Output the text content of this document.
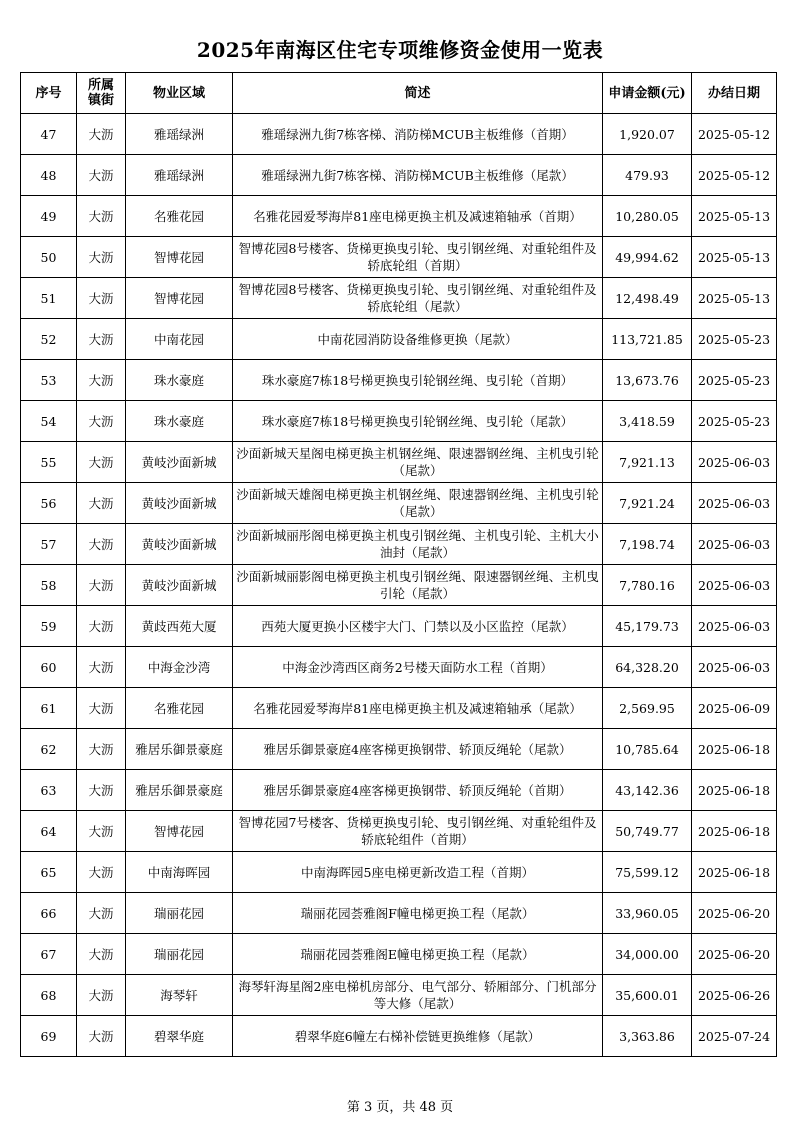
2025年南海区住宅专项维修资金使用一览表
序号	所属镇街	物业区域	简述	申请金额(元)	办结日期
47	大沥	雅瑶绿洲	雅瑶绿洲九街7栋客梯、消防梯MCUB主板维修（首期）	1,920.07	2025-05-12
48	大沥	雅瑶绿洲	雅瑶绿洲九街7栋客梯、消防梯MCUB主板维修（尾款）	479.93	2025-05-12
49	大沥	名雅花园	名雅花园爱琴海岸81座电梯更换主机及减速箱轴承（首期）	10,280.05	2025-05-13
50	大沥	智博花园	智博花园8号楼客、货梯更换曳引轮、曳引钢丝绳、对重轮组件及轿底轮组（首期）	49,994.62	2025-05-13
51	大沥	智博花园	智博花园8号楼客、货梯更换曳引轮、曳引钢丝绳、对重轮组件及轿底轮组（尾款）	12,498.49	2025-05-13
52	大沥	中南花园	中南花园消防设备维修更换（尾款）	113,721.85	2025-05-23
53	大沥	珠水豪庭	珠水豪庭7栋18号梯更换曳引轮钢丝绳、曳引轮（首期）	13,673.76	2025-05-23
54	大沥	珠水豪庭	珠水豪庭7栋18号梯更换曳引轮钢丝绳、曳引轮（尾款）	3,418.59	2025-05-23
55	大沥	黄岐沙面新城	沙面新城天星阁电梯更换主机钢丝绳、限速器钢丝绳、主机曳引轮（尾款）	7,921.13	2025-06-03
56	大沥	黄岐沙面新城	沙面新城天雄阁电梯更换主机钢丝绳、限速器钢丝绳、主机曳引轮（尾款）	7,921.24	2025-06-03
57	大沥	黄岐沙面新城	沙面新城丽彤阁电梯更换主机曳引钢丝绳、主机曳引轮、主机大小油封（尾款）	7,198.74	2025-06-03
58	大沥	黄岐沙面新城	沙面新城丽影阁电梯更换主机曳引钢丝绳、限速器钢丝绳、主机曳引轮（尾款）	7,780.16	2025-06-03
59	大沥	黄歧西苑大厦	西苑大厦更换小区楼宇大门、门禁以及小区监控（尾款）	45,179.73	2025-06-03
60	大沥	中海金沙湾	中海金沙湾西区商务2号楼天面防水工程（首期）	64,328.20	2025-06-03
61	大沥	名雅花园	名雅花园爱琴海岸81座电梯更换主机及减速箱轴承（尾款）	2,569.95	2025-06-09
62	大沥	雅居乐御景豪庭	雅居乐御景豪庭4座客梯更换钢带、轿顶反绳轮（尾款）	10,785.64	2025-06-18
63	大沥	雅居乐御景豪庭	雅居乐御景豪庭4座客梯更换钢带、轿顶反绳轮（首期）	43,142.36	2025-06-18
64	大沥	智博花园	智博花园7号楼客、货梯更换曳引轮、曳引钢丝绳、对重轮组件及轿底轮组件（首期）	50,749.77	2025-06-18
65	大沥	中南海晖园	中南海晖园5座电梯更新改造工程（首期）	75,599.12	2025-06-18
66	大沥	瑞丽花园	瑞丽花园荟雅阁F幢电梯更换工程（尾款）	33,960.05	2025-06-20
67	大沥	瑞丽花园	瑞丽花园荟雅阁E幢电梯更换工程（尾款）	34,000.00	2025-06-20
68	大沥	海琴轩	海琴轩海星阁2座电梯机房部分、电气部分、轿厢部分、门机部分等大修（尾款）	35,600.01	2025-06-26
69	大沥	碧翠华庭	碧翠华庭6幢左右梯补偿链更换维修（尾款）	3,363.86	2025-07-24
第 3 页，共 48 页
